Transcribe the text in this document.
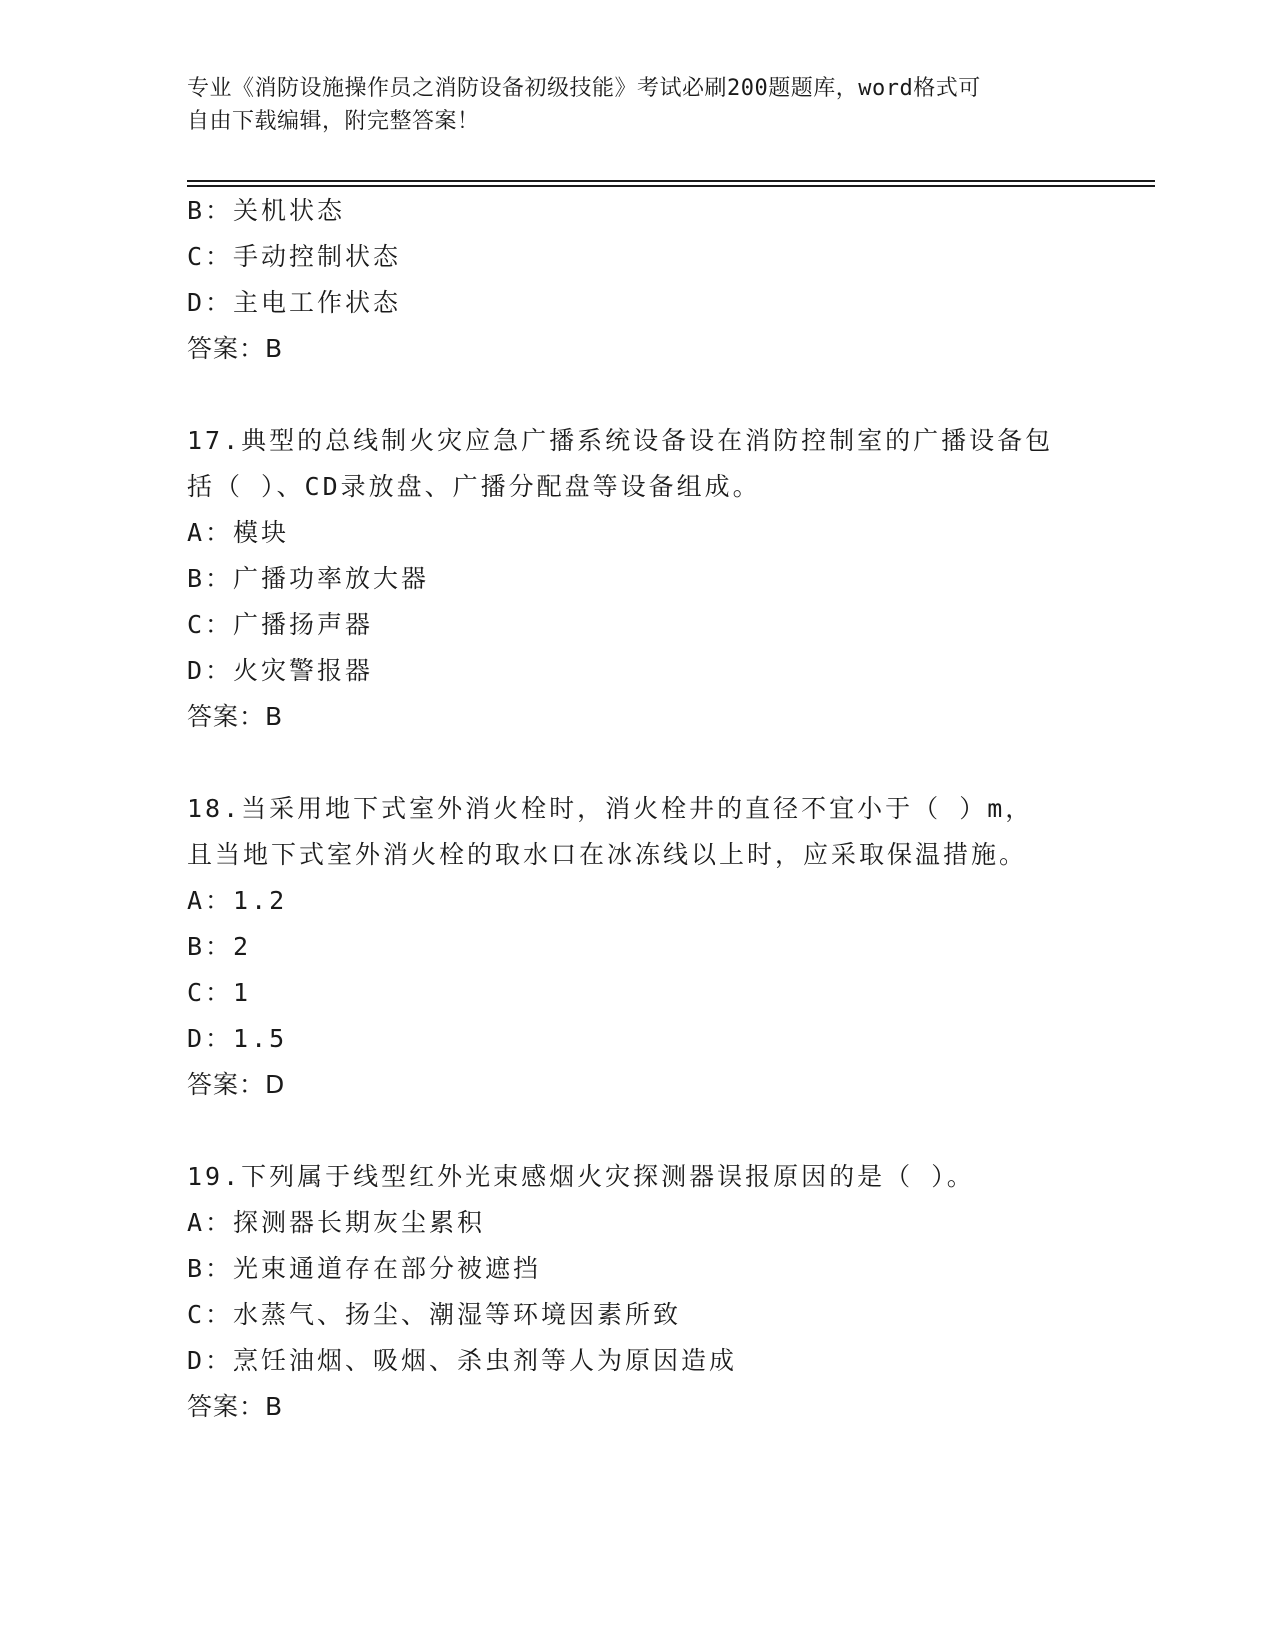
专业《消防设施操作员之消防设备初级技能》考试必刷200题题库，word格式可
自由下载编辑，附完整答案！
B：关机状态
C：手动控制状态
D：主电工作状态
答案：B
17.典型的总线制火灾应急广播系统设备设在消防控制室的广播设备包
括（ ）、CD录放盘、广播分配盘等设备组成。
A：模块
B：广播功率放大器
C：广播扬声器
D：火灾警报器
答案：B
18.当采用地下式室外消火栓时，消火栓井的直径不宜小于（ ）m，
且当地下式室外消火栓的取水口在冰冻线以上时，应采取保温措施。
A：1.2
B：2
C：1
D：1.5
答案：D
19.下列属于线型红外光束感烟火灾探测器误报原因的是（ ）。
A：探测器长期灰尘累积
B：光束通道存在部分被遮挡
C：水蒸气、扬尘、潮湿等环境因素所致
D：烹饪油烟、吸烟、杀虫剂等人为原因造成
答案：B
